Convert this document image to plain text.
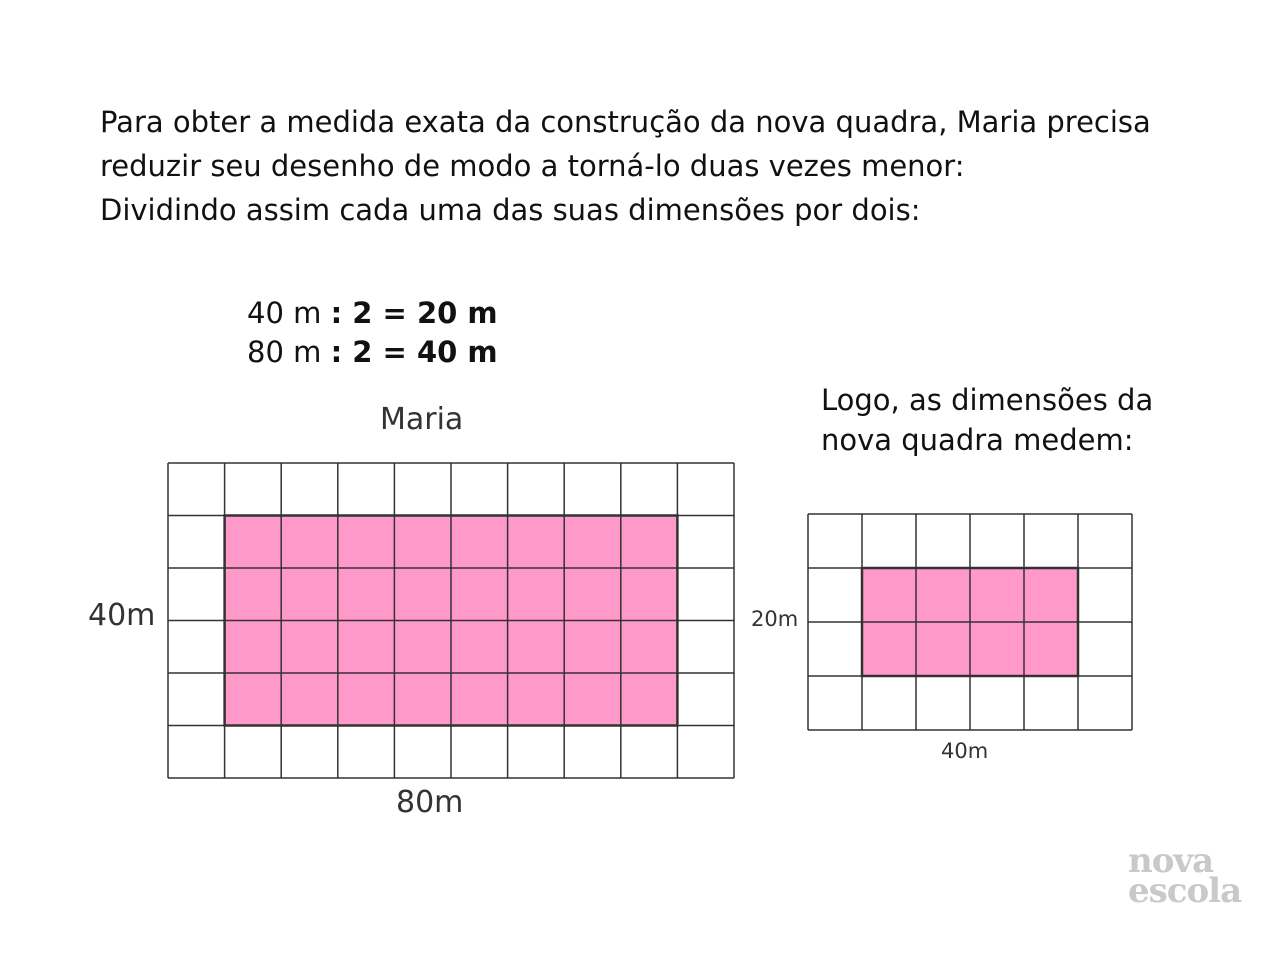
Para obter a medida exata da construção da nova quadra, Maria precisa

reduzir seu desenho de modo a torná-lo duas vezes menor:

Dividindo assim cada uma das suas dimensões por dois:

40 m : 2 = 20 m
80 m : 2 = 40 m

Logo, as dimensões da

nova quadra medem:

Maria
40m
80m
20m
40m
nova
escola
